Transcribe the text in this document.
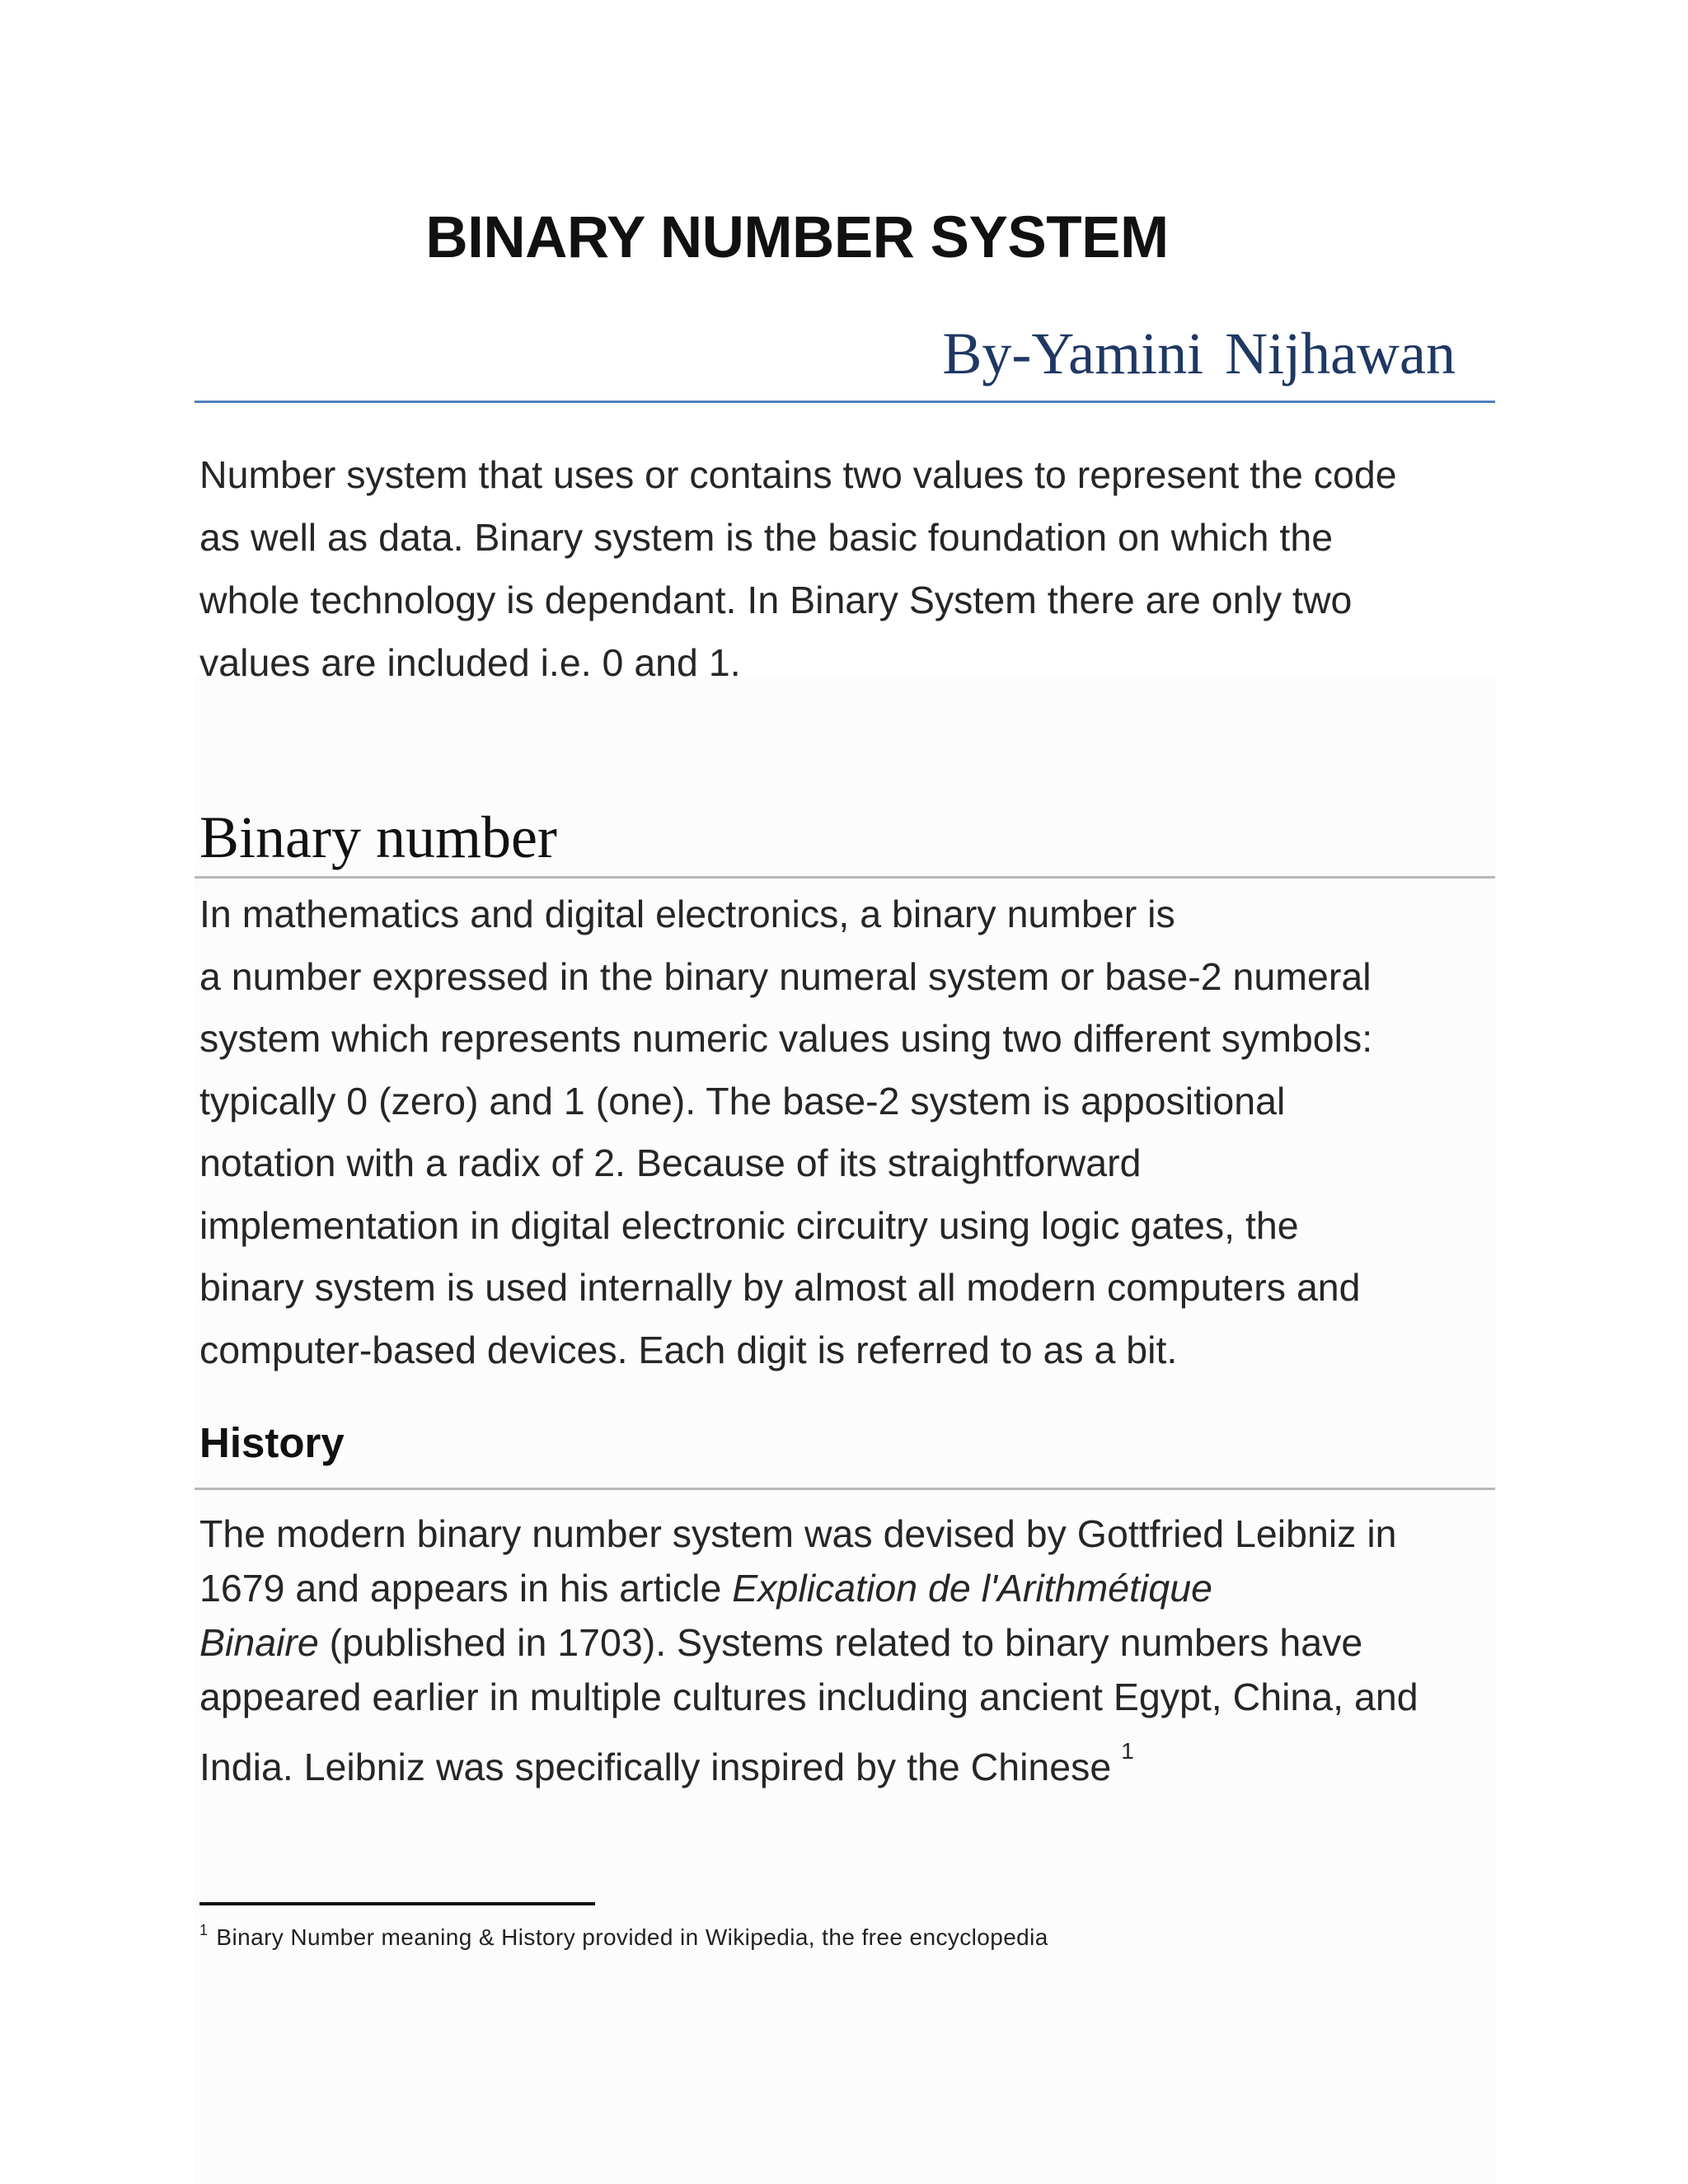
BINARY NUMBER SYSTEM

By-Yamini Nijhawan

Number system that uses or contains two values to represent the code
as well as data. Binary system is the basic foundation on which the
whole technology is dependant. In Binary System there are only two
values are included i.e. 0 and 1.
Binary number
In mathematics and digital electronics, a binary number is
a number expressed in the binary numeral system or base-2 numeral
system which represents numeric values using two different symbols:
typically 0 (zero) and 1 (one). The base-2 system is appositional
notation with a radix of 2. Because of its straightforward
implementation in digital electronic circuitry using logic gates, the
binary system is used internally by almost all modern computers and
computer-based devices. Each digit is referred to as a bit.
History
The modern binary number system was devised by Gottfried Leibniz in
1679 and appears in his article Explication de l'Arithmétique
Binaire (published in 1703). Systems related to binary numbers have
appeared earlier in multiple cultures including ancient Egypt, China, and
India. Leibniz was specifically inspired by the Chinese $^1$

$^1$ Binary Number meaning & History provided in Wikipedia, the free encyclopedia
